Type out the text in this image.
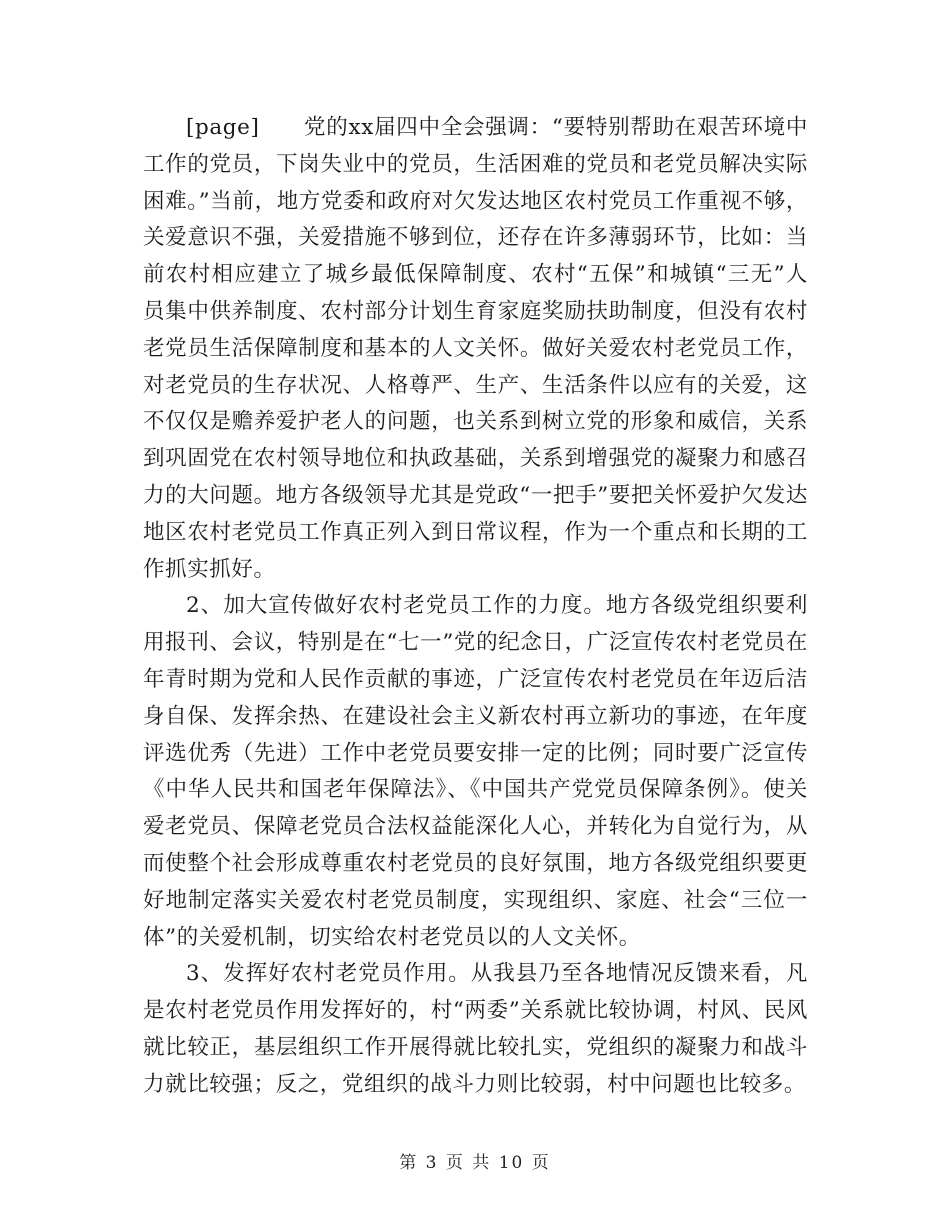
[page]　　党的xx届四中全会强调：“要特别帮助在艰苦环境中工作的党员，下岗失业中的党员，生活困难的党员和老党员解决实际困难。”当前，地方党委和政府对欠发达地区农村党员工作重视不够，关爱意识不强，关爱措施不够到位，还存在许多薄弱环节，比如：当前农村相应建立了城乡最低保障制度、农村“五保”和城镇“三无”人员集中供养制度、农村部分计划生育家庭奖励扶助制度，但没有农村老党员生活保障制度和基本的人文关怀。做好关爱农村老党员工作，对老党员的生存状况、人格尊严、生产、生活条件以应有的关爱，这不仅仅是赡养爱护老人的问题，也关系到树立党的形象和威信，关系到巩固党在农村领导地位和执政基础，关系到增强党的凝聚力和感召力的大问题。地方各级领导尤其是党政“一把手”要把关怀爱护欠发达地区农村老党员工作真正列入到日常议程，作为一个重点和长期的工作抓实抓好。

2、加大宣传做好农村老党员工作的力度。地方各级党组织要利用报刊、会议，特别是在“七一”党的纪念日，广泛宣传农村老党员在年青时期为党和人民作贡献的事迹，广泛宣传农村老党员在年迈后洁身自保、发挥余热、在建设社会主义新农村再立新功的事迹，在年度评选优秀（先进）工作中老党员要安排一定的比例；同时要广泛宣传《中华人民共和国老年保障法》、《中国共产党党员保障条例》。使关爱老党员、保障老党员合法权益能深化人心，并转化为自觉行为，从而使整个社会形成尊重农村老党员的良好氛围，地方各级党组织要更好地制定落实关爱农村老党员制度，实现组织、家庭、社会“三位一体”的关爱机制，切实给农村老党员以的人文关怀。

3、发挥好农村老党员作用。从我县乃至各地情况反馈来看，凡是农村老党员作用发挥好的，村“两委”关系就比较协调，村风、民风就比较正，基层组织工作开展得就比较扎实，党组织的凝聚力和战斗力就比较强；反之，党组织的战斗力则比较弱，村中问题也比较多。

第 3 页 共 10 页
